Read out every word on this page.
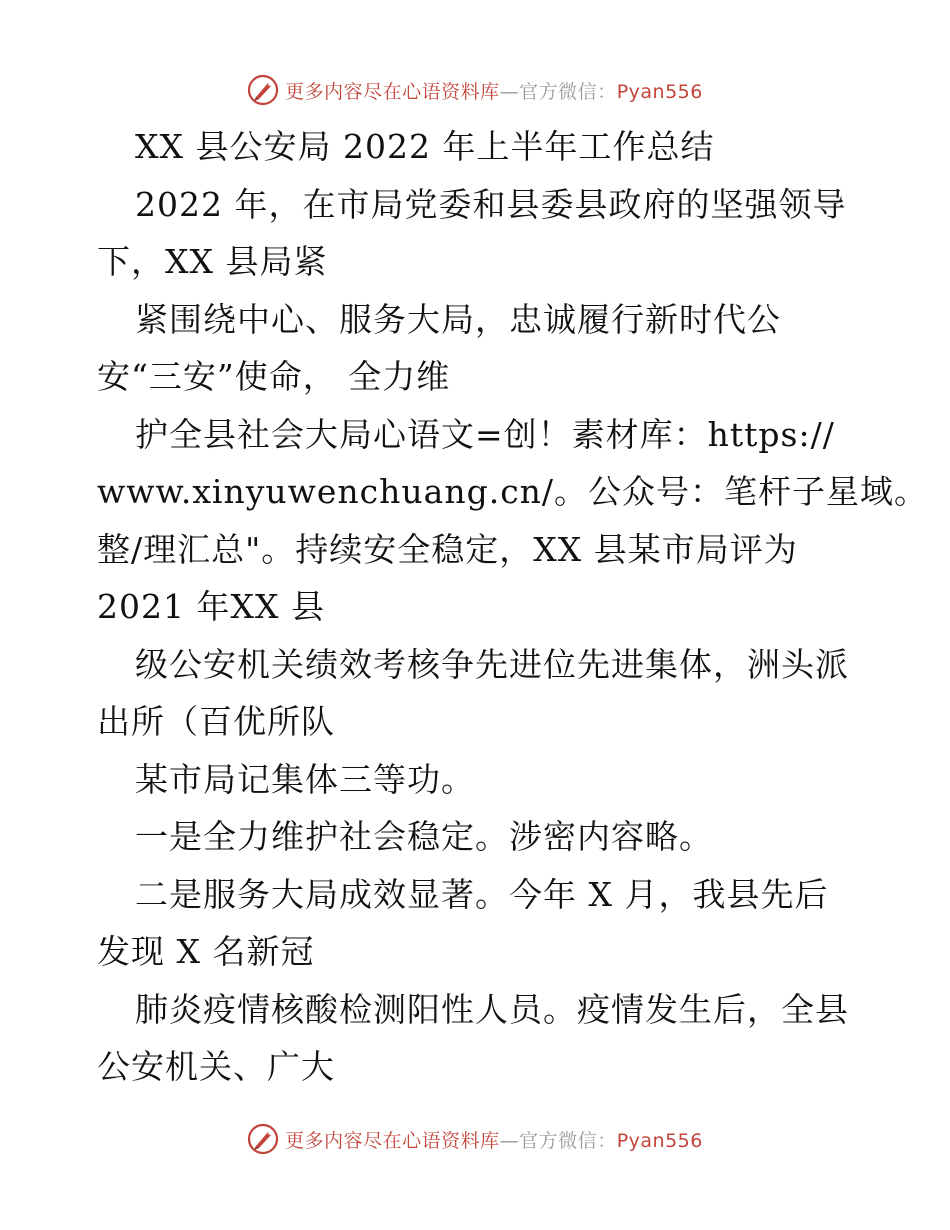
更多内容尽在心语资料库—官方微信：Pyan556
XX 县公安局 2022 年上半年工作总结
2022 年，在市局党委和县委县政府的坚强领导
下，XX 县局紧
紧围绕中心、服务大局，忠诚履行新时代公
安“三安”使命， 全力维
护全县社会大局心语文=创！素材库：https://
www.xinyuwenchuang.cn/。公众号：笔杆子星域。
整/理汇总"。持续安全稳定，XX 县某市局评为
2021 年XX 县
级公安机关绩效考核争先进位先进集体，洲头派
出所（百优所队
某市局记集体三等功。
一是全力维护社会稳定。涉密内容略。
二是服务大局成效显著。今年 X 月，我县先后
发现 X 名新冠
肺炎疫情核酸检测阳性人员。疫情发生后，全县
公安机关、广大
更多内容尽在心语资料库—官方微信：Pyan556
